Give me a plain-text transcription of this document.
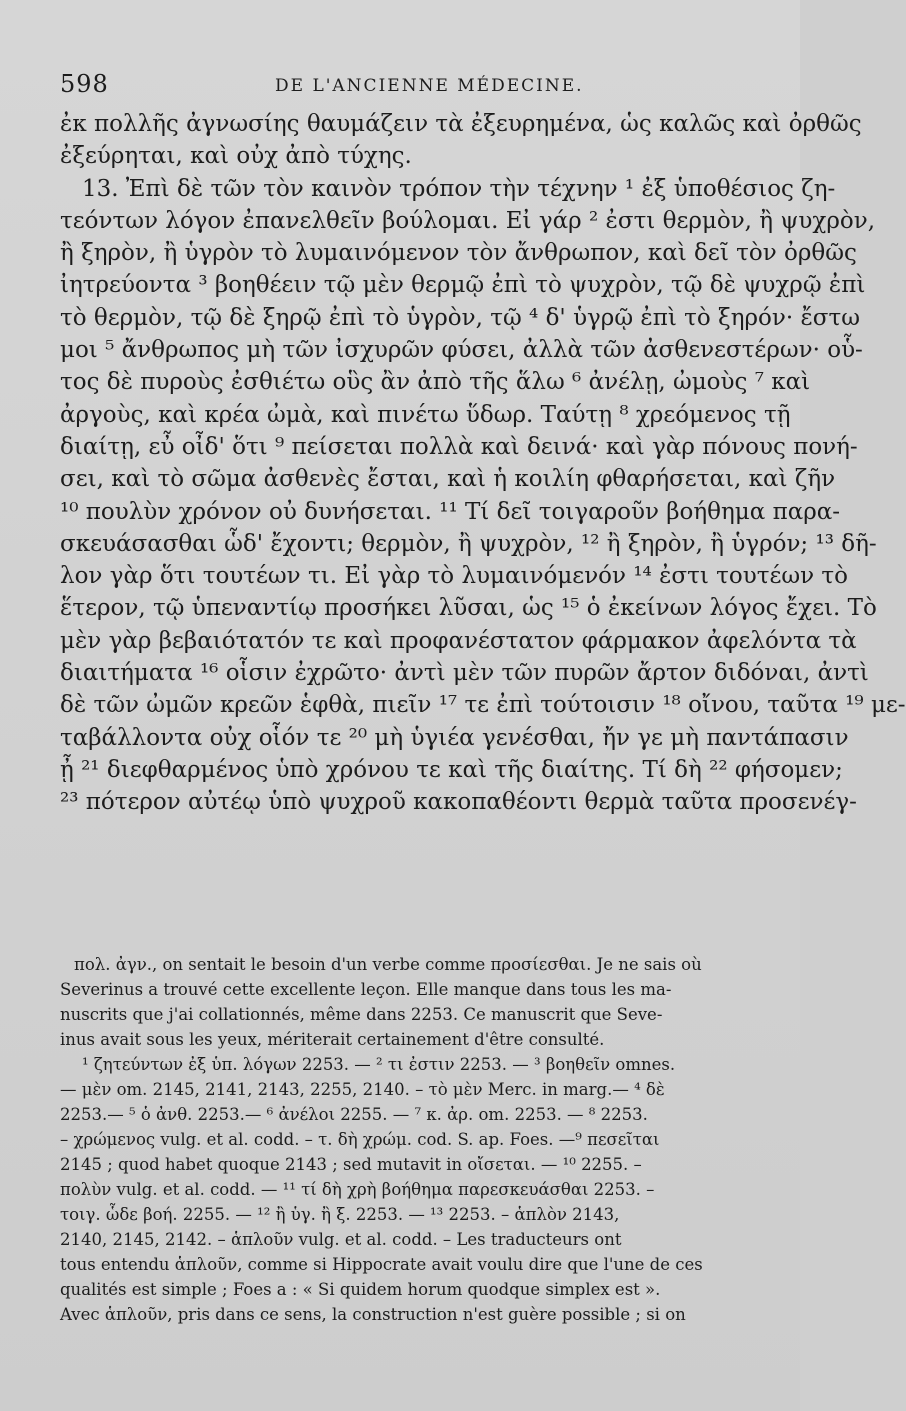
598	DE L'ANCIENNE MÉDECINE.
ἐκ πολλῆς ἀγνωσίης θαυμάζειν τὰ ἐξευρημένα, ὡς καλῶς καὶ ὀρθῶς
ἐξεύρηται, καὶ οὐχ ἀπὸ τύχης.
13. Ἐπὶ δὲ τῶν τὸν καινὸν τρόπον τὴν τέχνην ¹ ἐξ ὑποθέσιος ζη-
τεόντων λόγον ἐπανελθεῖν βούλομαι. Εἰ γάρ ² ἐστι θερμὸν, ἢ ψυχρὸν,
ἢ ξηρὸν, ἢ ὑγρὸν τὸ λυμαινόμενον τὸν ἄνθρωπον, καὶ δεῖ τὸν ὀρθῶς
ἰητρεύοντα ³ βοηθέειν τῷ μὲν θερμῷ ἐπὶ τὸ ψυχρὸν, τῷ δὲ ψυχρῷ ἐπὶ
τὸ θερμὸν, τῷ δὲ ξηρῷ ἐπὶ τὸ ὑγρὸν, τῷ ⁴ δ' ὑγρῷ ἐπὶ τὸ ξηρόν· ἔστω
μοι ⁵ ἄνθρωπος μὴ τῶν ἰσχυρῶν φύσει, ἀλλὰ τῶν ἀσθενεστέρων· οὗ-
τος δὲ πυροὺς ἐσθιέτω οὓς ἂν ἀπὸ τῆς ἅλω ⁶ ἀνέλῃ, ὠμοὺς ⁷ καὶ
ἀργοὺς, καὶ κρέα ὠμὰ, καὶ πινέτω ὕδωρ. Ταύτῃ ⁸ χρεόμενος τῇ
διαίτῃ, εὖ οἶδ' ὅτι ⁹ πείσεται πολλὰ καὶ δεινά· καὶ γὰρ πόνους πονή-
σει, καὶ τὸ σῶμα ἀσθενὲς ἔσται, καὶ ἡ κοιλίη φθαρήσεται, καὶ ζῆν
¹⁰ πουλὺν χρόνον οὐ δυνήσεται. ¹¹ Τί δεῖ τοιγαροῦν βοήθημα παρα-
σκευάσασθαι ὧδ' ἔχοντι; θερμὸν, ἢ ψυχρὸν, ¹² ἢ ξηρὸν, ἢ ὑγρόν; ¹³ δῆ-
λον γὰρ ὅτι τουτέων τι. Εἰ γὰρ τὸ λυμαινόμενόν ¹⁴ ἐστι τουτέων τὸ
ἕτερον, τῷ ὑπεναντίῳ προσήκει λῦσαι, ὡς ¹⁵ ὁ ἐκείνων λόγος ἔχει. Τὸ
μὲν γὰρ βεβαιότατόν τε καὶ προφανέστατον φάρμακον ἀφελόντα τὰ
διαιτήματα ¹⁶ οἷσιν ἐχρῶτο· ἀντὶ μὲν τῶν πυρῶν ἄρτον διδόναι, ἀντὶ
δὲ τῶν ὠμῶν κρεῶν ἑφθὰ, πιεῖν ¹⁷ τε ἐπὶ τούτοισιν ¹⁸ οἴνου, ταῦτα ¹⁹ με-
ταβάλλοντα οὐχ οἷόν τε ²⁰ μὴ ὑγιέα γενέσθαι, ἤν γε μὴ παντάπασιν
ᾖ ²¹ διεφθαρμένος ὑπὸ χρόνου τε καὶ τῆς διαίτης. Τί δὴ ²² φήσομεν;
²³ πότερον αὐτέῳ ὑπὸ ψυχροῦ κακοπαθέοντι θερμὰ ταῦτα προσενέγ-
πολ. ἀγν., on sentait le besoin d'un verbe comme προσίεσθαι. Je ne sais où
Severinus a trouvé cette excellente leçon. Elle manque dans tous les ma-
nuscrits que j'ai collationnés, même dans 2253. Ce manuscrit que Seve-
inus avait sous les yeux, mériterait certainement d'être consulté.
¹ ζητεύντων ἐξ ὑπ. λόγων 2253. — ² τι ἐστιν 2253. — ³ βοηθεῖν omnes.
— μὲν om. 2145, 2141, 2143, 2255, 2140. – τὸ μὲν Merc. in marg.— ⁴ δὲ
2253.— ⁵ ὁ ἀνθ. 2253.— ⁶ ἀνέλοι 2255. — ⁷ κ. ἀρ. om. 2253. — ⁸ 2253.
– χρώμενος vulg. et al. codd. – τ. δὴ χρώμ. cod. S. ap. Foes. —⁹ πεσεῖται
2145 ; quod habet quoque 2143 ; sed mutavit in οἴσεται. — ¹⁰ 2255. –
πολὺν vulg. et al. codd. — ¹¹ τί δὴ χρὴ βοήθημα παρεσκευάσθαι 2253. –
τοιγ. ὧδε βοή. 2255. — ¹² ἢ ὑγ. ἢ ξ. 2253. — ¹³ 2253. – ἁπλὸν 2143,
2140, 2145, 2142. – ἁπλοῦν vulg. et al. codd. – Les traducteurs ont
tous entendu ἁπλοῦν, comme si Hippocrate avait voulu dire que l'une de ces
qualités est simple ; Foes a : « Si quidem horum quodque simplex est ».
Avec ἁπλοῦν, pris dans ce sens, la construction n'est guère possible ; si on
